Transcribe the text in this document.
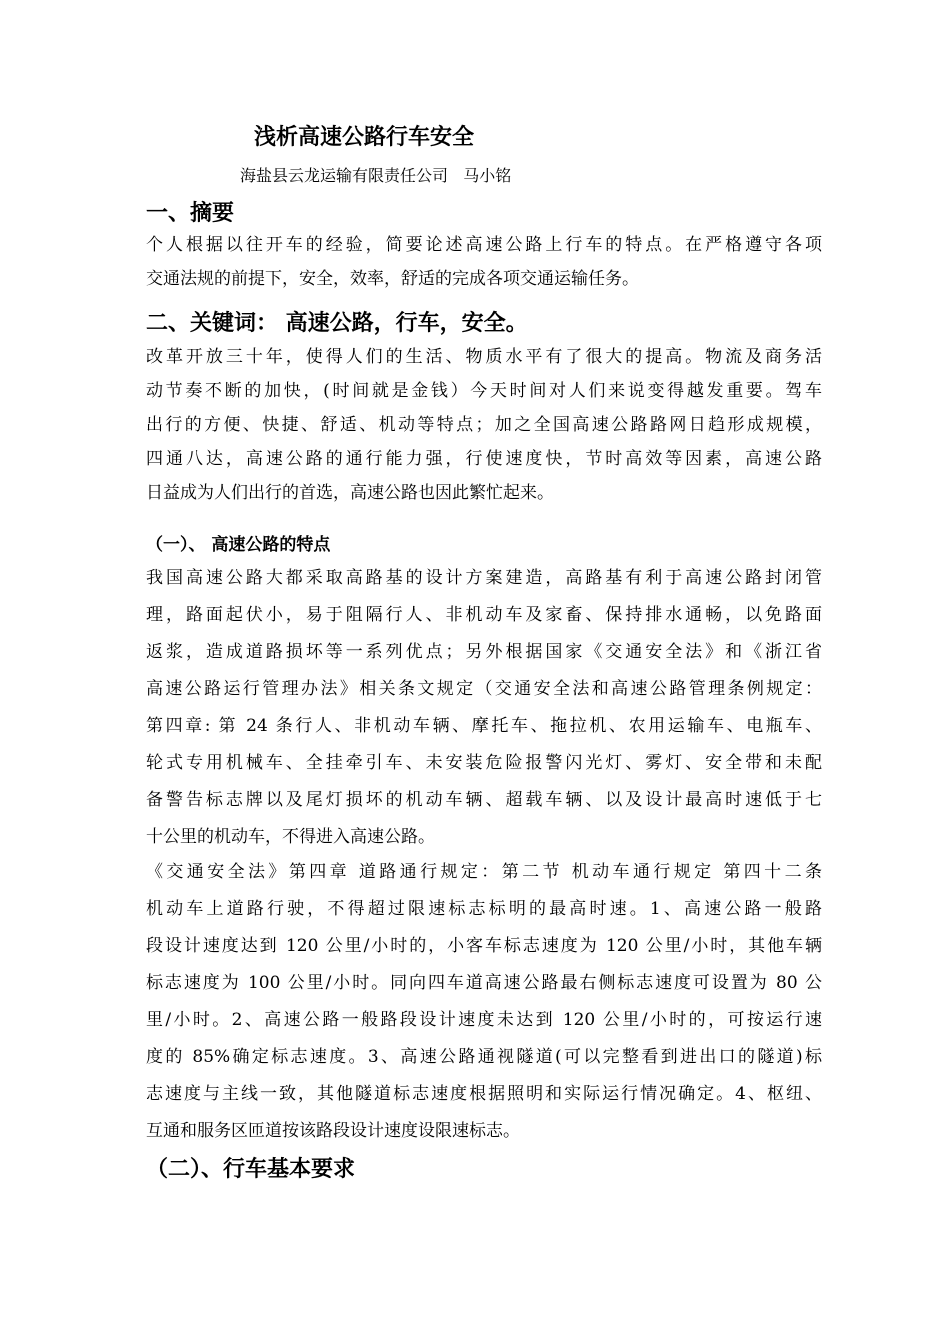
浅析高速公路行车安全
海盐县云龙运输有限责任公司   马小铭
一、摘要
个人根据以往开车的经验，简要论述高速公路上行车的特点。在严格遵守各项
交通法规的前提下，安全，效率，舒适的完成各项交通运输任务。
二、关键词： 高速公路，行车，安全。
改革开放三十年，使得人们的生活、物质水平有了很大的提高。物流及商务活
动节奏不断的加快，(时间就是金钱）今天时间对人们来说变得越发重要。驾车
出行的方便、快捷、舒适、机动等特点；加之全国高速公路路网日趋形成规模，
四通八达，高速公路的通行能力强，行使速度快，节时高效等因素，高速公路
日益成为人们出行的首选，高速公路也因此繁忙起来。
（一）、 高速公路的特点
我国高速公路大都采取高路基的设计方案建造，高路基有利于高速公路封闭管
理，路面起伏小，易于阻隔行人、非机动车及家畜、保持排水通畅，以免路面
返浆，造成道路损坏等一系列优点；另外根据国家《交通安全法》和《浙江省
高速公路运行管理办法》相关条文规定（交通安全法和高速公路管理条例规定：
第四章: 第 24 条行人、非机动车辆、摩托车、拖拉机、农用运输车、电瓶车、
轮式专用机械车、全挂牵引车、未安装危险报警闪光灯、雾灯、安全带和未配
备警告标志牌以及尾灯损坏的机动车辆、超载车辆、以及设计最高时速低于七
十公里的机动车，不得进入高速公路。
《交通安全法》第四章 道路通行规定：第二节 机动车通行规定 第四十二条
机动车上道路行驶，不得超过限速标志标明的最高时速。1、高速公路一般路
段设计速度达到 120 公里/小时的，小客车标志速度为 120 公里/小时，其他车辆
标志速度为 100 公里/小时。同向四车道高速公路最右侧标志速度可设置为 80 公
里/小时。2、高速公路一般路段设计速度未达到 120 公里/小时的，可按运行速
度的 85%确定标志速度。3、高速公路通视隧道(可以完整看到进出口的隧道)标
志速度与主线一致，其他隧道标志速度根据照明和实际运行情况确定。4、枢纽、
互通和服务区匝道按该路段设计速度设限速标志。
（二）、行车基本要求
